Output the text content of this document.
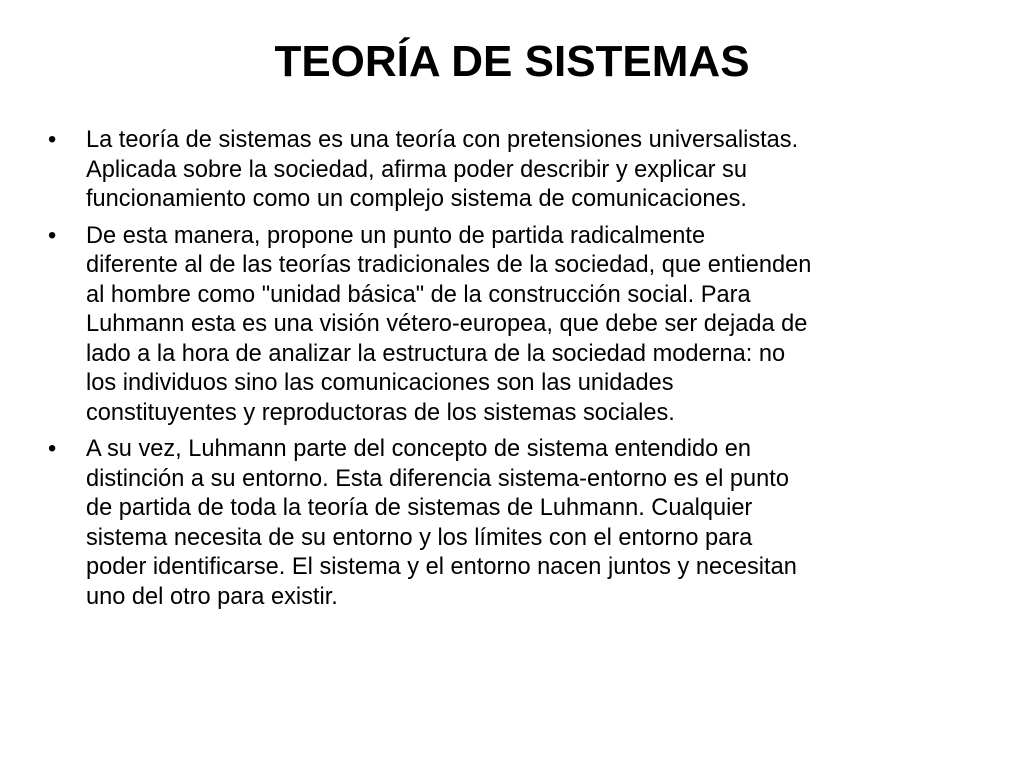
TEORÍA DE SISTEMAS
•	La teoría de sistemas es una teoría con pretensiones universalistas.
Aplicada sobre la sociedad, afirma poder describir y explicar su
funcionamiento como un complejo sistema de comunicaciones.
•	De esta manera, propone un punto de partida radicalmente
diferente al de las teorías tradicionales de la sociedad, que entienden
al hombre como "unidad básica" de la construcción social. Para
Luhmann esta es una visión vétero-europea, que debe ser dejada de
lado a la hora de analizar la estructura de la sociedad moderna: no
los individuos sino las comunicaciones son las unidades
constituyentes y reproductoras de los sistemas sociales.
•	A su vez, Luhmann parte del concepto de sistema entendido en
distinción a su entorno. Esta diferencia sistema-entorno es el punto
de partida de toda la teoría de sistemas de Luhmann. Cualquier
sistema necesita de su entorno y los límites con el entorno para
poder identificarse. El sistema y el entorno nacen juntos y necesitan
uno del otro para existir.
